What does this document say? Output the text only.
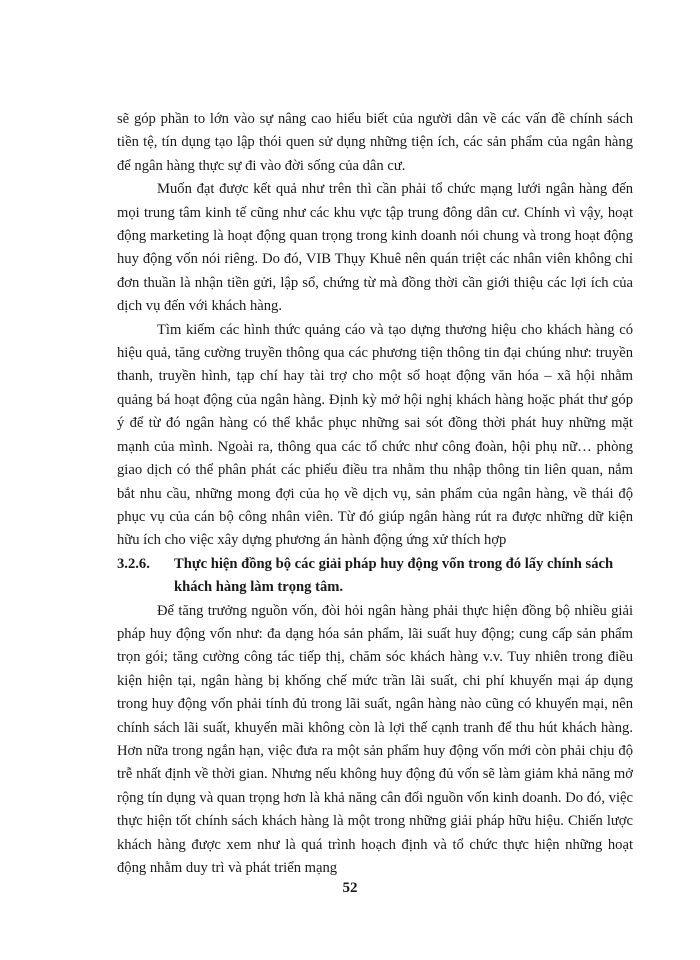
sẽ góp phần to lớn vào sự nâng cao hiểu biết của người dân về các vấn đề chính sách tiền tệ, tín dụng tạo lập thói quen sử dụng những tiện ích, các sản phẩm của ngân hàng để ngân hàng thực sự đi vào đời sống của dân cư.

Muốn đạt được kết quả như trên thì cần phải tổ chức mạng lưới ngân hàng đến mọi trung tâm kinh tế cũng như các khu vực tập trung đông dân cư. Chính vì vậy, hoạt động marketing là hoạt động quan trọng trong kinh doanh nói chung và trong hoạt động huy động vốn nói riêng. Do đó, VIB Thụy Khuê nên quán triệt các nhân viên không chỉ đơn thuần là nhận tiền gửi, lập sổ, chứng từ mà đồng thời cần giới thiệu các lợi ích của dịch vụ đến với khách hàng.

Tìm kiếm các hình thức quảng cáo và tạo dựng thương hiệu cho khách hàng có hiệu quả, tăng cường truyền thông qua các phương tiện thông tin đại chúng như: truyền thanh, truyền hình, tạp chí hay tài trợ cho một số hoạt động văn hóa – xã hội nhằm quảng bá hoạt động của ngân hàng. Định kỳ mở hội nghị khách hàng hoặc phát thư góp ý để từ đó ngân hàng có thể khắc phục những sai sót đồng thời phát huy những mặt mạnh của mình. Ngoài ra, thông qua các tổ chức như công đoàn, hội phụ nữ… phòng giao dịch có thể phân phát các phiếu điều tra nhằm thu nhập thông tin liên quan, nắm bắt nhu cầu, những mong đợi của họ về dịch vụ, sản phẩm của ngân hàng, về thái độ phục vụ của cán bộ công nhân viên. Từ đó giúp ngân hàng rút ra được những dữ kiện hữu ích cho việc xây dựng phương án hành động ứng xử thích hợp

3.2.6.	Thực hiện đồng bộ các giải pháp huy động vốn trong đó lấy chính sách khách hàng làm trọng tâm.

Để tăng trưởng nguồn vốn, đòi hỏi ngân hàng phải thực hiện đồng bộ nhiều giải pháp huy động vốn như: đa dạng hóa sản phẩm, lãi suất huy động; cung cấp sản phẩm trọn gói; tăng cường công tác tiếp thị, chăm sóc khách hàng v.v. Tuy nhiên trong điều kiện hiện tại, ngân hàng bị khống chế mức trần lãi suất, chi phí khuyến mại áp dụng trong huy động vốn phải tính đủ trong lãi suất, ngân hàng nào cũng có khuyến mại, nên chính sách lãi suất, khuyến mãi không còn là lợi thế cạnh tranh để thu hút khách hàng. Hơn nữa trong ngắn hạn, việc đưa ra một sản phẩm huy động vốn mới còn phải chịu độ trễ nhất định về thời gian. Nhưng nếu không huy động đủ vốn sẽ làm giảm khả năng mở rộng tín dụng và quan trọng hơn là khả năng cân đối nguồn vốn kinh doanh. Do đó, việc thực hiện tốt chính sách khách hàng là một trong những giải pháp hữu hiệu. Chiến lược khách hàng được xem như là quá trình hoạch định và tổ chức thực hiện những hoạt động nhằm duy trì và phát triển mạng

52
